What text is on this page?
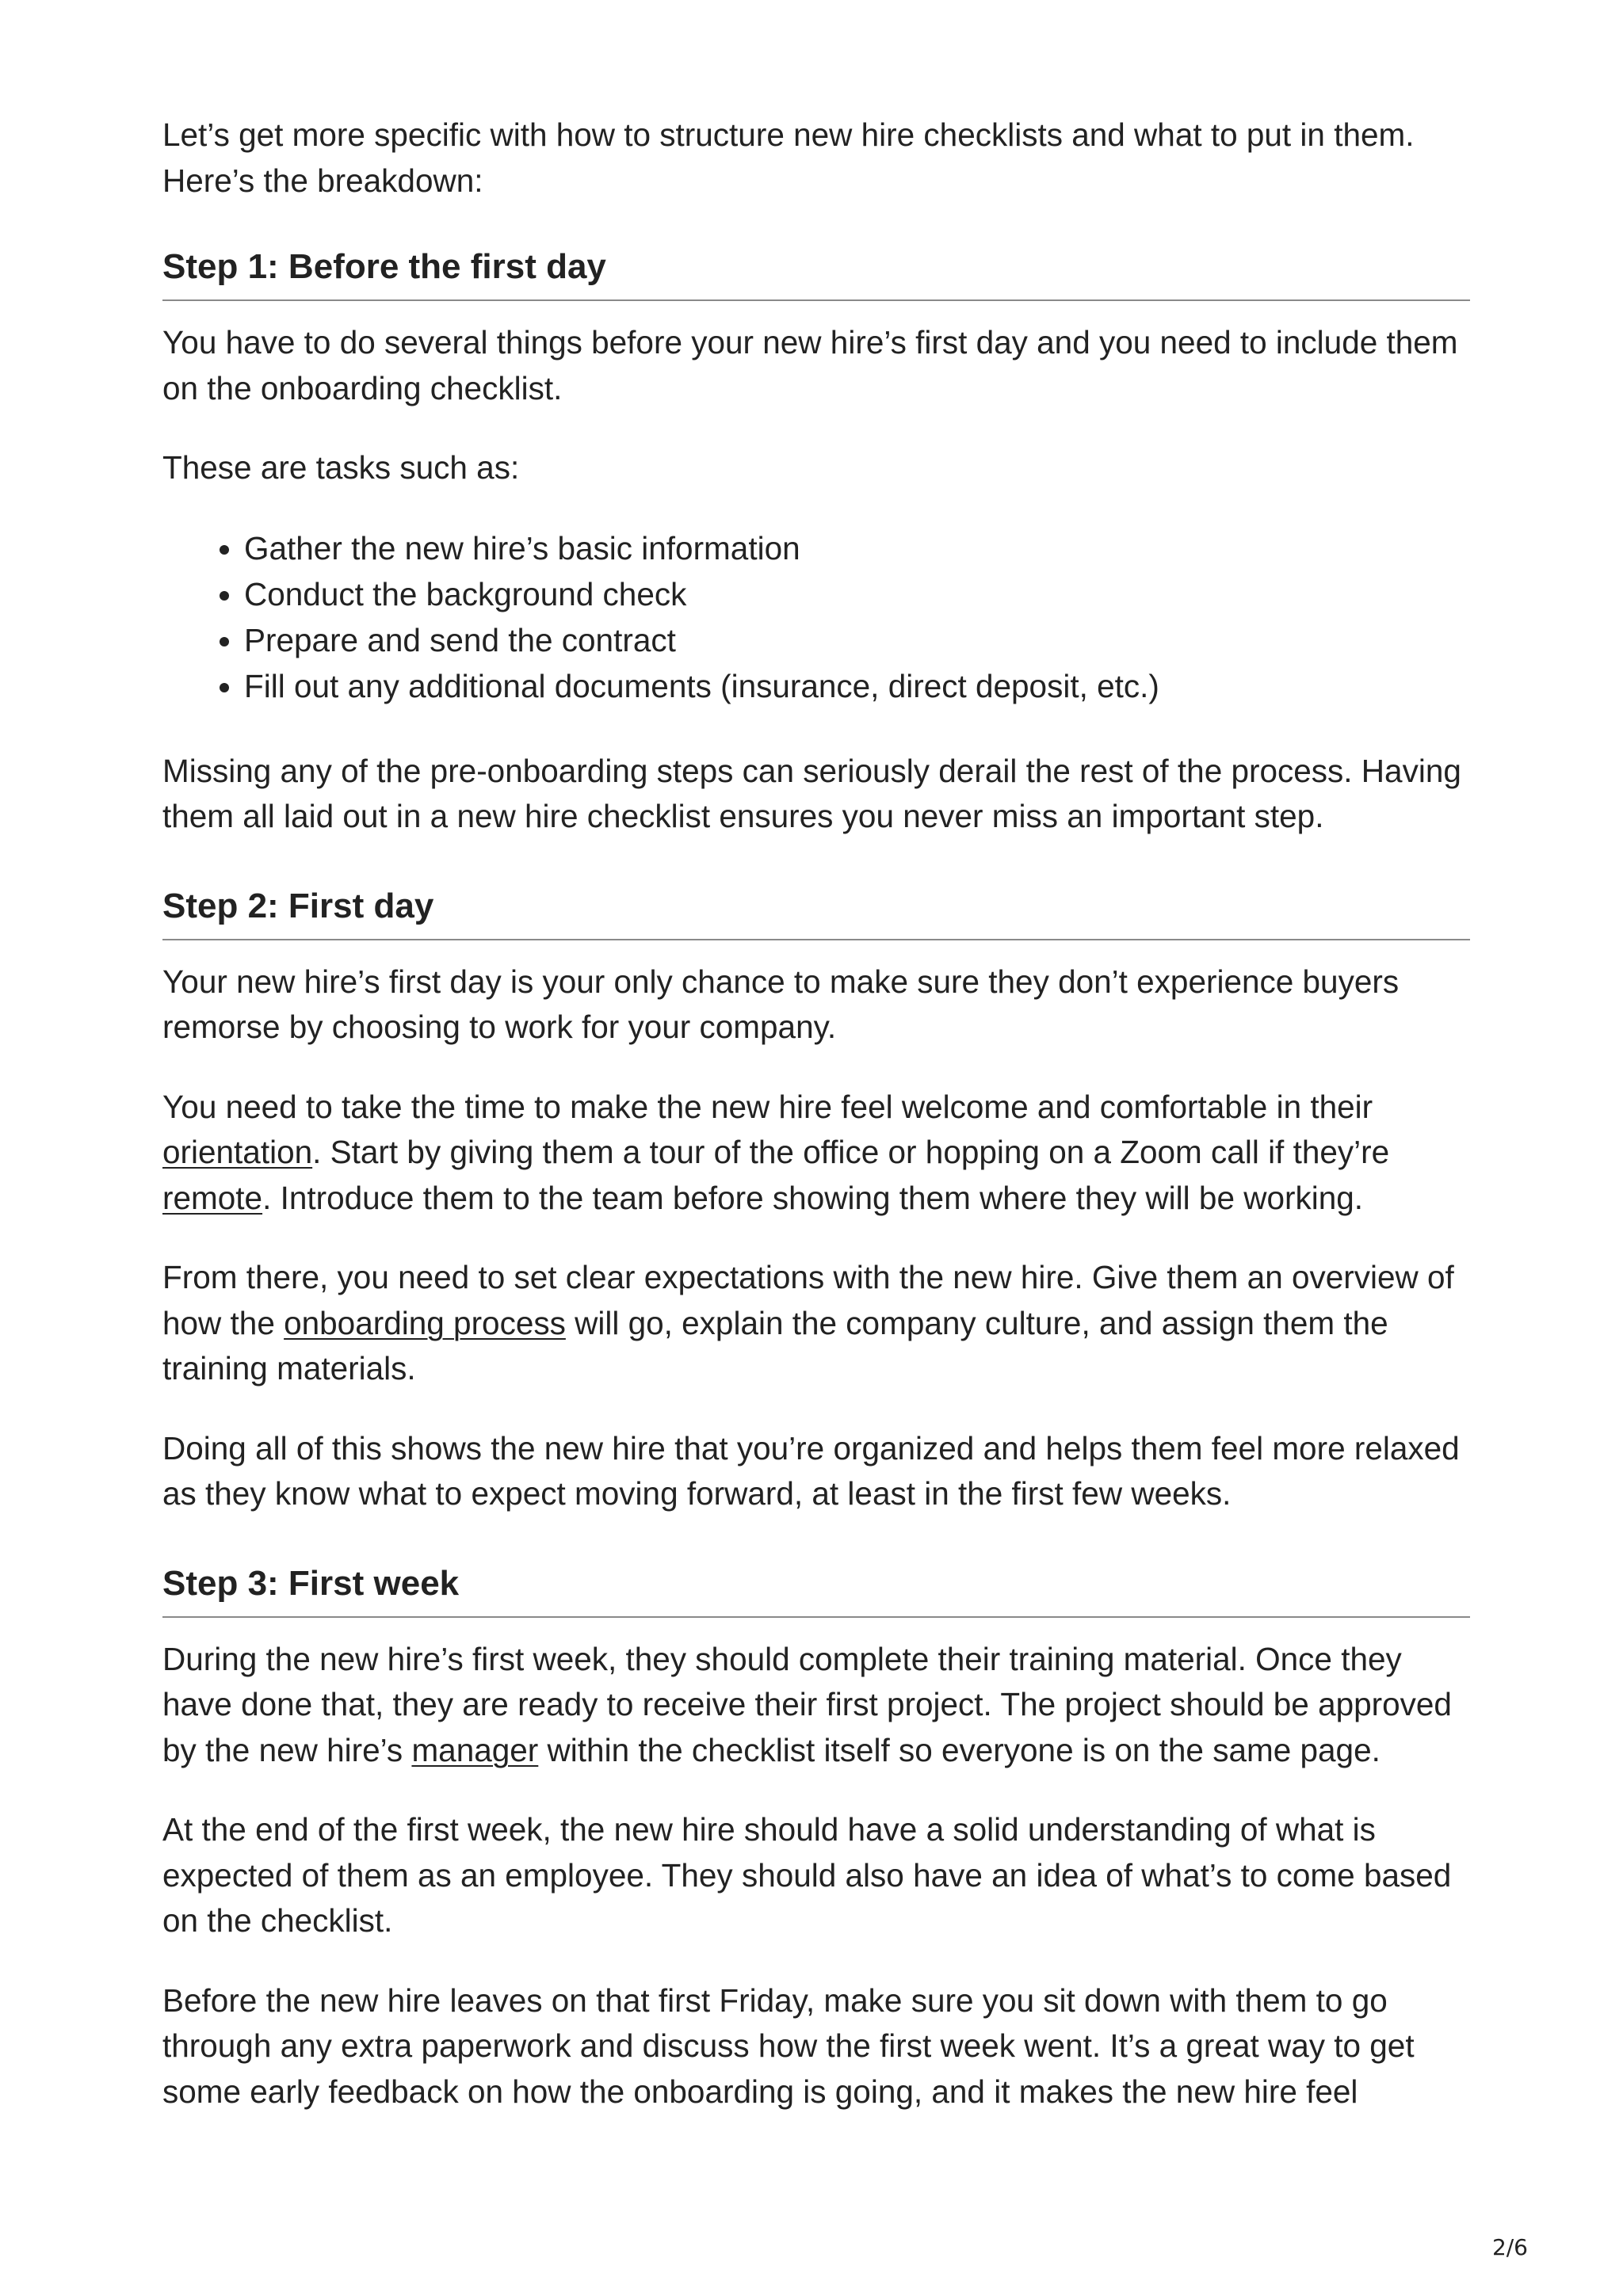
Let’s get more specific with how to structure new hire checklists and what to put in them. Here’s the breakdown:

Step 1: Before the first day

You have to do several things before your new hire’s first day and you need to include them on the onboarding checklist.

These are tasks such as:

• Gather the new hire’s basic information
• Conduct the background check
• Prepare and send the contract
• Fill out any additional documents (insurance, direct deposit, etc.)

Missing any of the pre-onboarding steps can seriously derail the rest of the process. Having them all laid out in a new hire checklist ensures you never miss an important step.

Step 2: First day

Your new hire’s first day is your only chance to make sure they don’t experience buyers remorse by choosing to work for your company.

You need to take the time to make the new hire feel welcome and comfortable in their orientation. Start by giving them a tour of the office or hopping on a Zoom call if they’re remote. Introduce them to the team before showing them where they will be working.

From there, you need to set clear expectations with the new hire. Give them an overview of how the onboarding process will go, explain the company culture, and assign them the training materials.

Doing all of this shows the new hire that you’re organized and helps them feel more relaxed as they know what to expect moving forward, at least in the first few weeks.

Step 3: First week

During the new hire’s first week, they should complete their training material. Once they have done that, they are ready to receive their first project. The project should be approved by the new hire’s manager within the checklist itself so everyone is on the same page.

At the end of the first week, the new hire should have a solid understanding of what is expected of them as an employee. They should also have an idea of what’s to come based on the checklist.

Before the new hire leaves on that first Friday, make sure you sit down with them to go through any extra paperwork and discuss how the first week went. It’s a great way to get some early feedback on how the onboarding is going, and it makes the new hire feel

2/6
